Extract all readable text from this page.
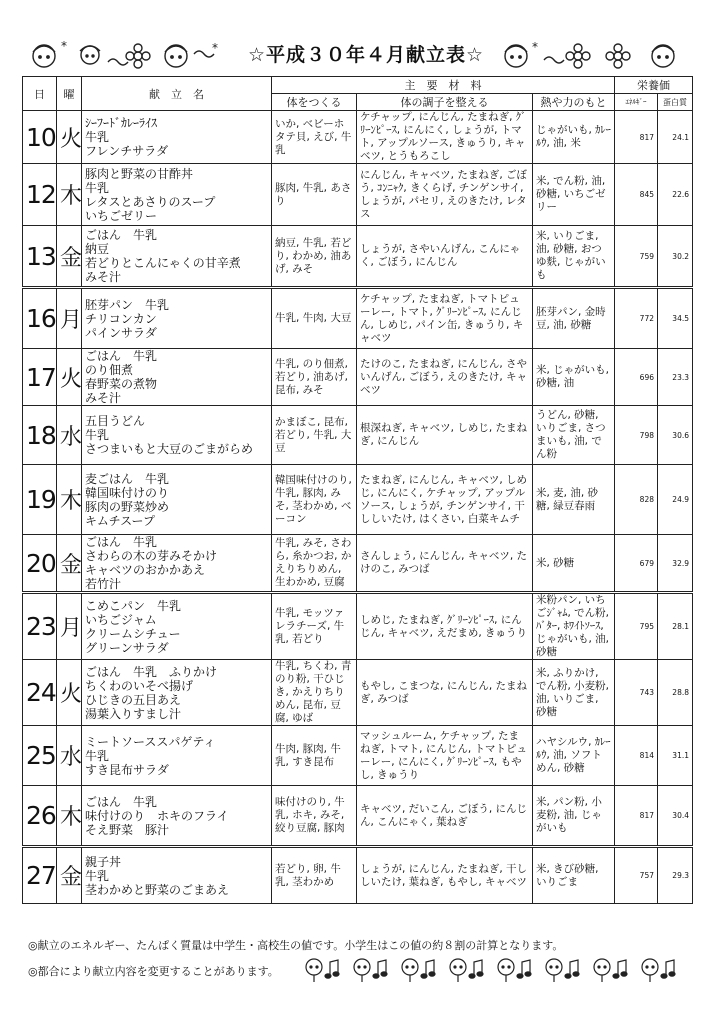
*	* ☆平成３０年４月献立表☆	*
日	曜	献　立　名	主　要　材　料			栄養価	
			体をつくる	体の調子を整える	熱や力のもと	ｴﾈﾙｷﾞｰ	蛋白質
10	火	ｼｰﾌｰﾄﾞｶﾚｰﾗｲｽ
牛乳
フレンチサラダ	いか, ベビーホタテ貝, えび, 牛乳	ケチャップ, にんじん, たまねぎ, ｸﾞﾘｰﾝﾋﾟｰｽ, にんにく, しょうが, トマト, アップルソース, きゅうり, キャベツ, とうもろこし	じゃがいも, ｶﾚｰﾙｳ, 油, 米	817	24.1
12	木	豚肉と野菜の甘酢丼
牛乳
レタスとあさりのスープ
いちごゼリー	豚肉, 牛乳, あさり	にんじん, キャベツ, たまねぎ, ごぼう, ｺﾝﾆｬｸ, きくらげ, チンゲンサイ, しょうが, パセリ, えのきたけ, レタス	米, でん粉, 油, 砂糖, いちごゼリー	845	22.6
13	金	ごはん　牛乳
納豆
若どりとこんにゃくの甘辛煮
みそ汁	納豆, 牛乳, 若どり, わかめ, 油あげ, みそ	しょうが, さやいんげん, こんにゃく, ごぼう, にんじん	米, いりごま, 油, 砂糖, おつゆ麩, じゃがいも	759	30.2
16	月	胚芽パン　牛乳
チリコンカン
パインサラダ	牛乳, 牛肉, 大豆	ケチャップ, たまねぎ, トマトピューレー, トマト, ｸﾞﾘｰﾝﾋﾟｰｽ, にんじん, しめじ, パイン缶, きゅうり, キャベツ	胚芽パン, 金時豆, 油, 砂糖	772	34.5
17	火	ごはん　牛乳
のり佃煮
春野菜の煮物
みそ汁	牛乳, のり佃煮, 若どり, 油あげ, 昆布, みそ	たけのこ, たまねぎ, にんじん, さやいんげん, ごぼう, えのきたけ, キャベツ	米, じゃがいも, 砂糖, 油	696	23.3
18	水	五目うどん
牛乳
さつまいもと大豆のごまがらめ	かまぼこ, 昆布, 若どり, 牛乳, 大豆	根深ねぎ, キャベツ, しめじ, たまねぎ, にんじん	うどん, 砂糖, いりごま, さつまいも, 油, でん粉	798	30.6
19	木	麦ごはん　牛乳
韓国味付けのり
豚肉の野菜炒め
キムチスープ	韓国味付けのり, 牛乳, 豚肉, みそ, 茎わかめ, ベーコン	たまねぎ, にんじん, キャベツ, しめじ, にんにく, ケチャップ, アップルソース, しょうが, チンゲンサイ, 干ししいたけ, はくさい, 白菜キムチ	米, 麦, 油, 砂糖, 緑豆春雨	828	24.9
20	金	ごはん　牛乳
さわらの木の芽みそかけ
キャベツのおかかあえ
若竹汁	牛乳, みそ, さわら, 糸かつお, かえりちりめん, 生わかめ, 豆腐	さんしょう, にんじん, キャベツ, たけのこ, みつば	米, 砂糖	679	32.9
23	月	こめこパン　牛乳
いちごジャム
クリームシチュー
グリーンサラダ	牛乳, モッツァレラチーズ, 牛乳, 若どり	しめじ, たまねぎ, ｸﾞﾘｰﾝﾋﾟｰｽ, にんじん, キャベツ, えだまめ, きゅうり	米粉パン, いちごｼﾞｬﾑ, でん粉, ﾊﾞﾀｰ, ﾎﾜｲﾄｿｰｽ, じゃがいも, 油, 砂糖	795	28.1
24	火	ごはん　牛乳　ふりかけ
ちくわのいそべ揚げ
ひじきの五目あえ
湯葉入りすまし汁	牛乳, ちくわ, 青のり粉, 干ひじき, かえりちりめん, 昆布, 豆腐, ゆば	もやし, こまつな, にんじん, たまねぎ, みつば	米, ふりかけ, でん粉, 小麦粉, 油, いりごま, 砂糖	743	28.8
25	水	ミートソーススパゲティ
牛乳
すき昆布サラダ	牛肉, 豚肉, 牛乳, すき昆布	マッシュルーム, ケチャップ, たまねぎ, トマト, にんじん, トマトピューレー, にんにく, ｸﾞﾘｰﾝﾋﾟｰｽ, もやし, きゅうり	ハヤシルウ, ｶﾚｰﾙｳ, 油, ソフトめん, 砂糖	814	31.1
26	木	ごはん　牛乳
味付けのり　ホキのフライ
そえ野菜　豚汁	味付けのり, 牛乳, ホキ, みそ, 絞り豆腐, 豚肉	キャベツ, だいこん, ごぼう, にんじん, こんにゃく, 葉ねぎ	米, パン粉, 小麦粉, 油, じゃがいも	817	30.4
27	金	親子丼
牛乳
茎わかめと野菜のごまあえ	若どり, 卵, 牛乳, 茎わかめ	しょうが, にんじん, たまねぎ, 干ししいたけ, 葉ねぎ, もやし, キャベツ	米, きび砂糖, いりごま	757	29.3
◎献立のエネルギー、たんぱく質量は中学生・高校生の値です。小学生はこの値の約８割の計算となります。
◎都合により献立内容を変更することがあります。
